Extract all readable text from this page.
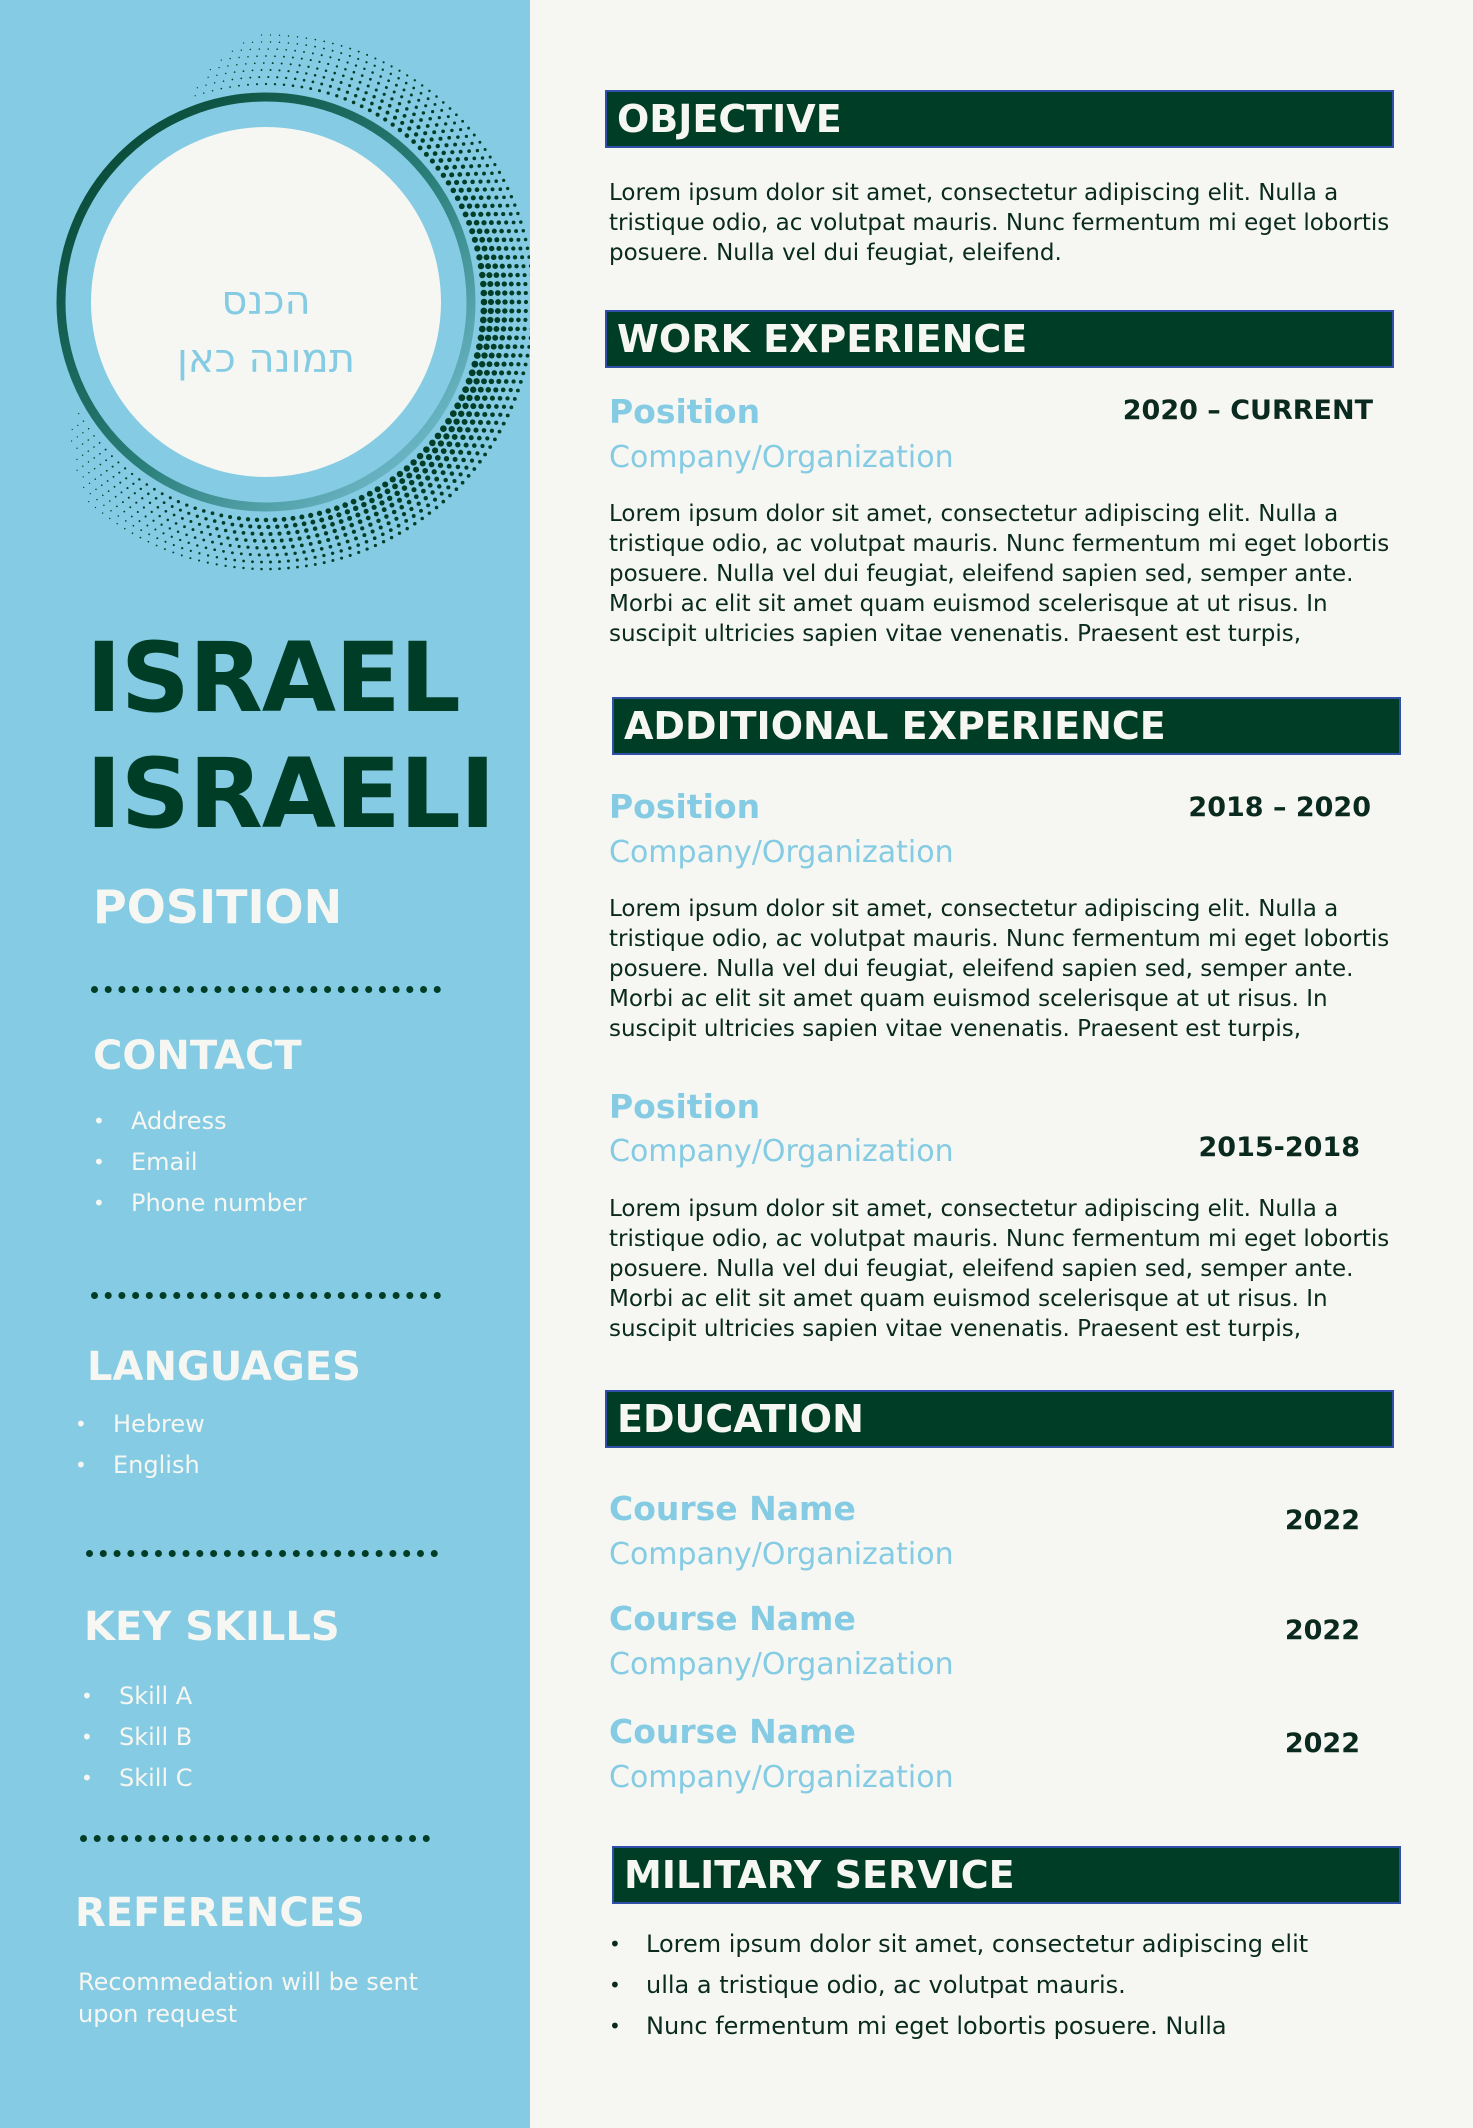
הכנס
תמונה כאן
ISRAEL
ISRAELI
POSITION
CONTACT
• Address
• Email
• Phone number
LANGUAGES
• Hebrew
• English
KEY SKILLS
• Skill A
• Skill B
• Skill C
REFERENCES
Recommedation will be sent upon request
OBJECTIVE
Lorem ipsum dolor sit amet, consectetur adipiscing elit. Nulla a tristique odio, ac volutpat mauris. Nunc fermentum mi eget lobortis posuere. Nulla vel dui feugiat, eleifend.
WORK EXPERIENCE
Position	2020 – CURRENT
Company/Organization
Lorem ipsum dolor sit amet, consectetur adipiscing elit. Nulla a tristique odio, ac volutpat mauris. Nunc fermentum mi eget lobortis posuere. Nulla vel dui feugiat, eleifend sapien sed, semper ante. Morbi ac elit sit amet quam euismod scelerisque at ut risus. In suscipit ultricies sapien vitae venenatis. Praesent est turpis,
ADDITIONAL EXPERIENCE
Position	2018 – 2020
Company/Organization
Lorem ipsum dolor sit amet, consectetur adipiscing elit. Nulla a tristique odio, ac volutpat mauris. Nunc fermentum mi eget lobortis posuere. Nulla vel dui feugiat, eleifend sapien sed, semper ante. Morbi ac elit sit amet quam euismod scelerisque at ut risus. In suscipit ultricies sapien vitae venenatis. Praesent est turpis,
Position
2015-2018
Company/Organization
Lorem ipsum dolor sit amet, consectetur adipiscing elit. Nulla a tristique odio, ac volutpat mauris. Nunc fermentum mi eget lobortis posuere. Nulla vel dui feugiat, eleifend sapien sed, semper ante. Morbi ac elit sit amet quam euismod scelerisque at ut risus. In suscipit ultricies sapien vitae venenatis. Praesent est turpis,
EDUCATION
Course Name	2022
Company/Organization
Course Name	2022
Company/Organization
Course Name	2022
Company/Organization
MILITARY SERVICE
• Lorem ipsum dolor sit amet, consectetur adipiscing elit
• ulla a tristique odio, ac volutpat mauris.
• Nunc fermentum mi eget lobortis posuere. Nulla
